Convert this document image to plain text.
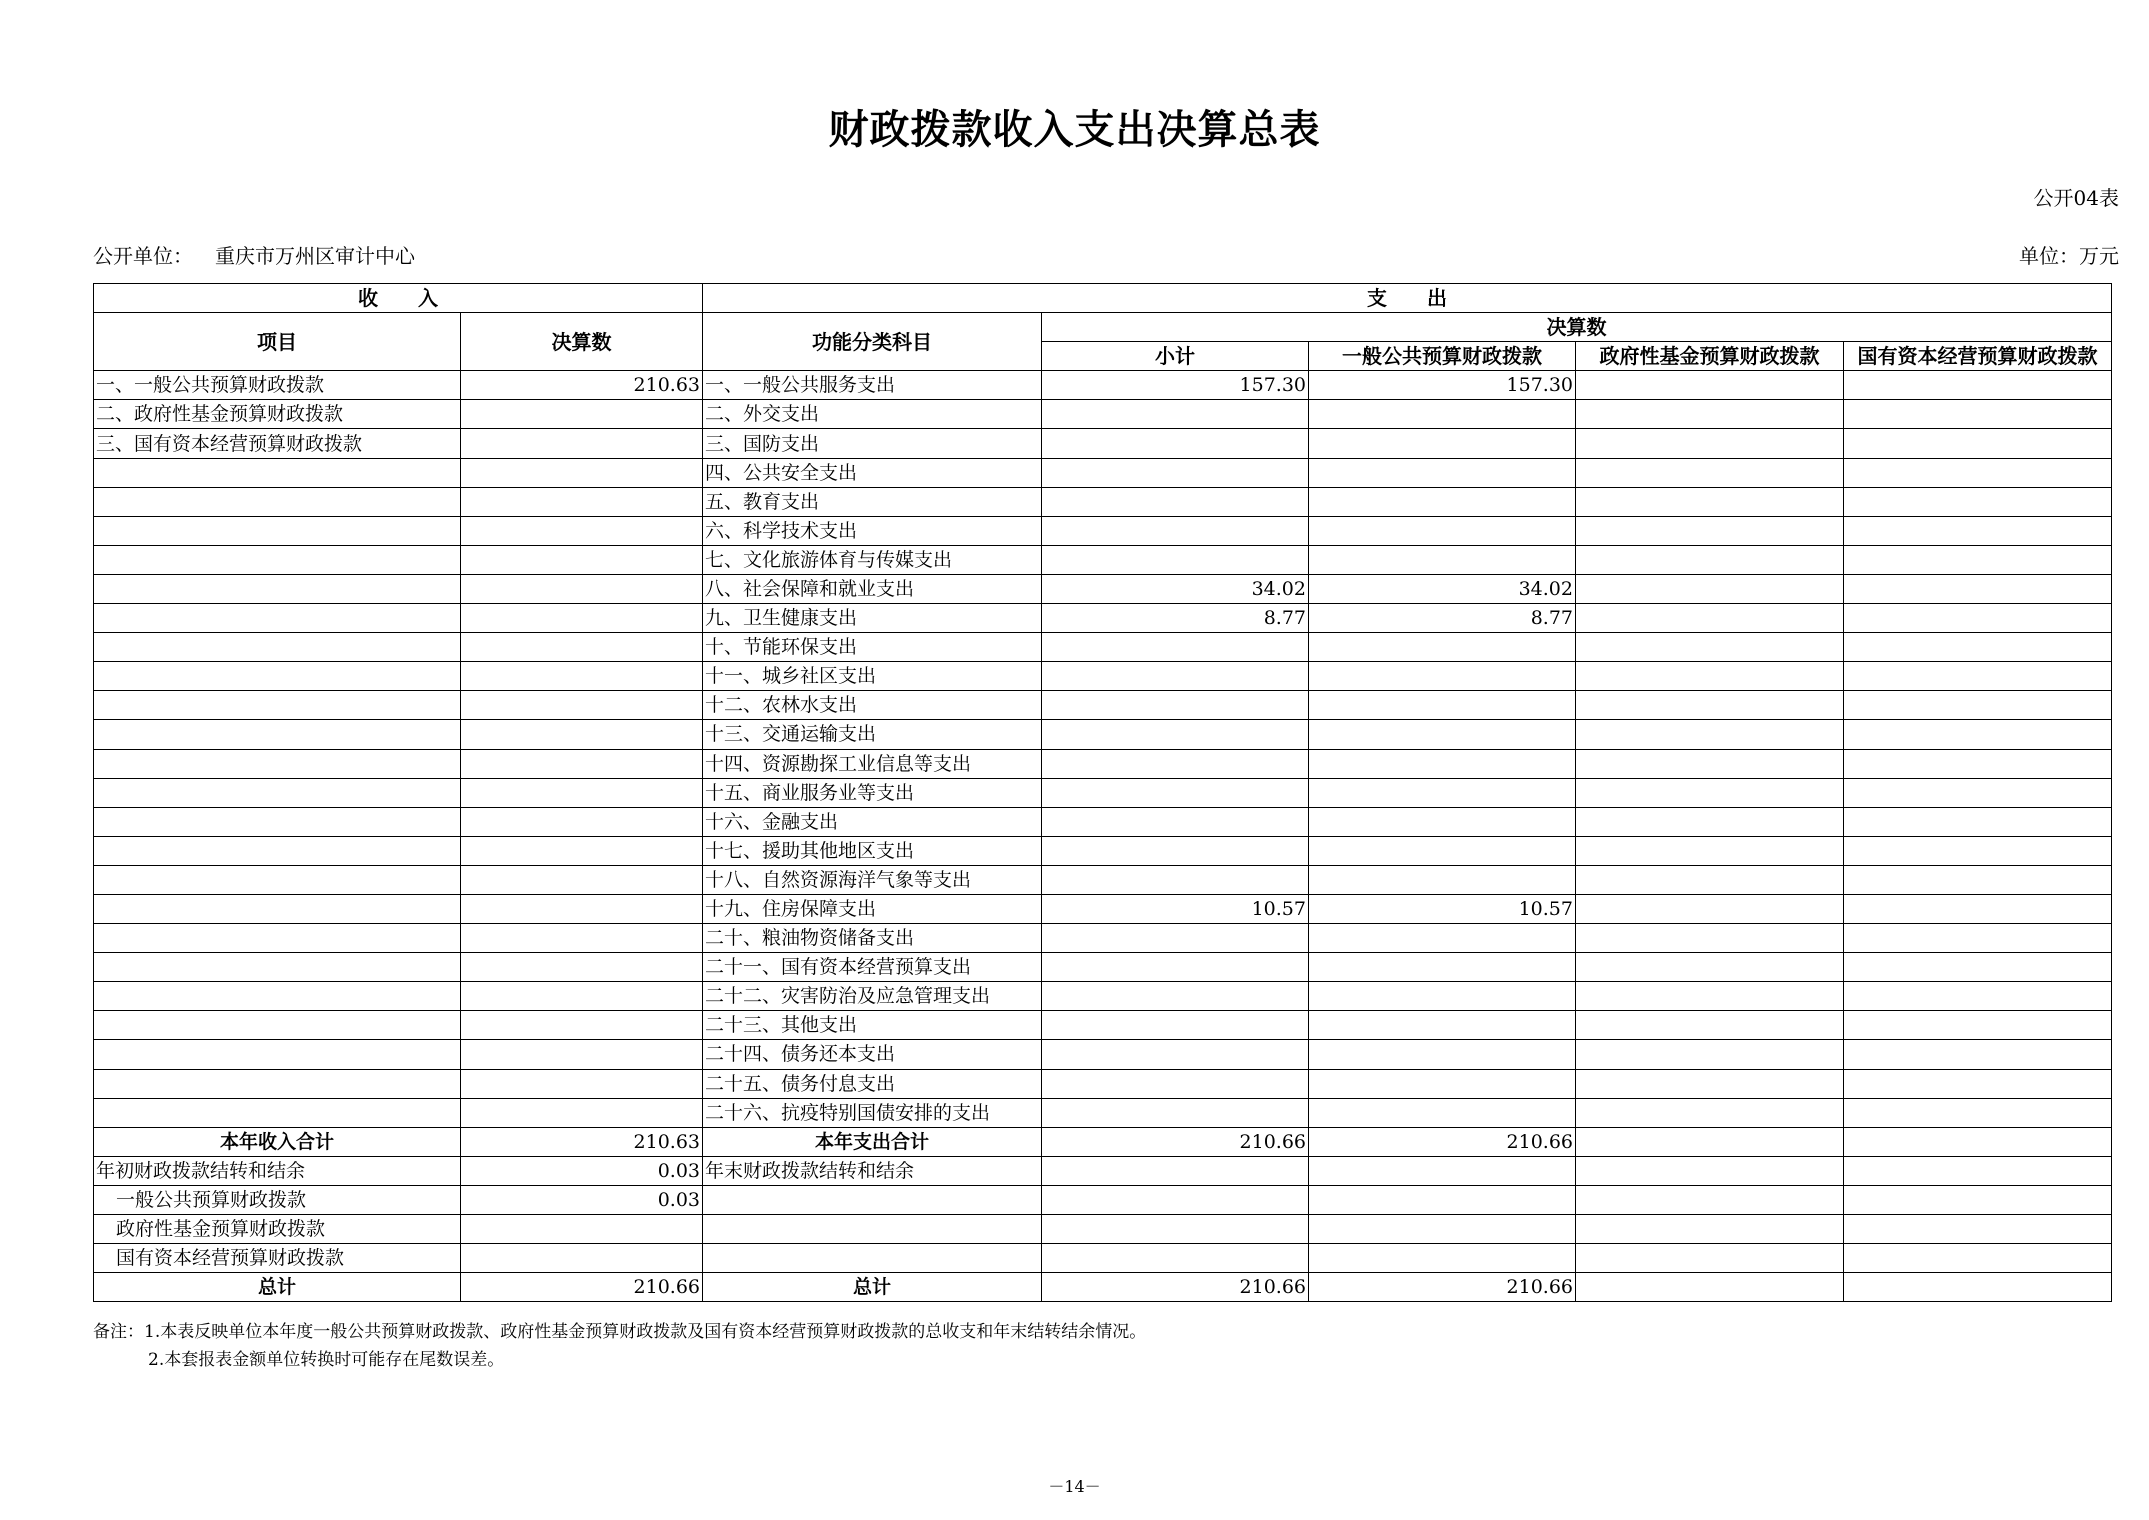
财政拨款收入支出决算总表
公开04表
公开单位： 重庆市万州区审计中心	单位：万元
收　　入		支　　出				
项目	决算数	功能分类科目	决算数			
			小计	一般公共预算财政拨款	政府性基金预算财政拨款	国有资本经营预算财政拨款
一、一般公共预算财政拨款	210.63	一、一般公共服务支出	157.30	157.30		
二、政府性基金预算财政拨款		二、外交支出				
三、国有资本经营预算财政拨款		三、国防支出				
		四、公共安全支出				
		五、教育支出				
		六、科学技术支出				
		七、文化旅游体育与传媒支出				
		八、社会保障和就业支出	34.02	34.02		
		九、卫生健康支出	8.77	8.77		
		十、节能环保支出				
		十一、城乡社区支出				
		十二、农林水支出				
		十三、交通运输支出				
		十四、资源勘探工业信息等支出				
		十五、商业服务业等支出				
		十六、金融支出				
		十七、援助其他地区支出				
		十八、自然资源海洋气象等支出				
		十九、住房保障支出	10.57	10.57		
		二十、粮油物资储备支出				
		二十一、国有资本经营预算支出				
		二十二、灾害防治及应急管理支出				
		二十三、其他支出				
		二十四、债务还本支出				
		二十五、债务付息支出				
		二十六、抗疫特别国债安排的支出				
本年收入合计	210.63	本年支出合计	210.66	210.66		
年初财政拨款结转和结余	0.03	年末财政拨款结转和结余				
一般公共预算财政拨款	0.03					
政府性基金预算财政拨款						
国有资本经营预算财政拨款						
总计	210.66	总计	210.66	210.66		
备注：1.本表反映单位本年度一般公共预算财政拨款、政府性基金预算财政拨款及国有资本经营预算财政拨款的总收支和年末结转结余情况。
2.本套报表金额单位转换时可能存在尾数误差。
－14－
